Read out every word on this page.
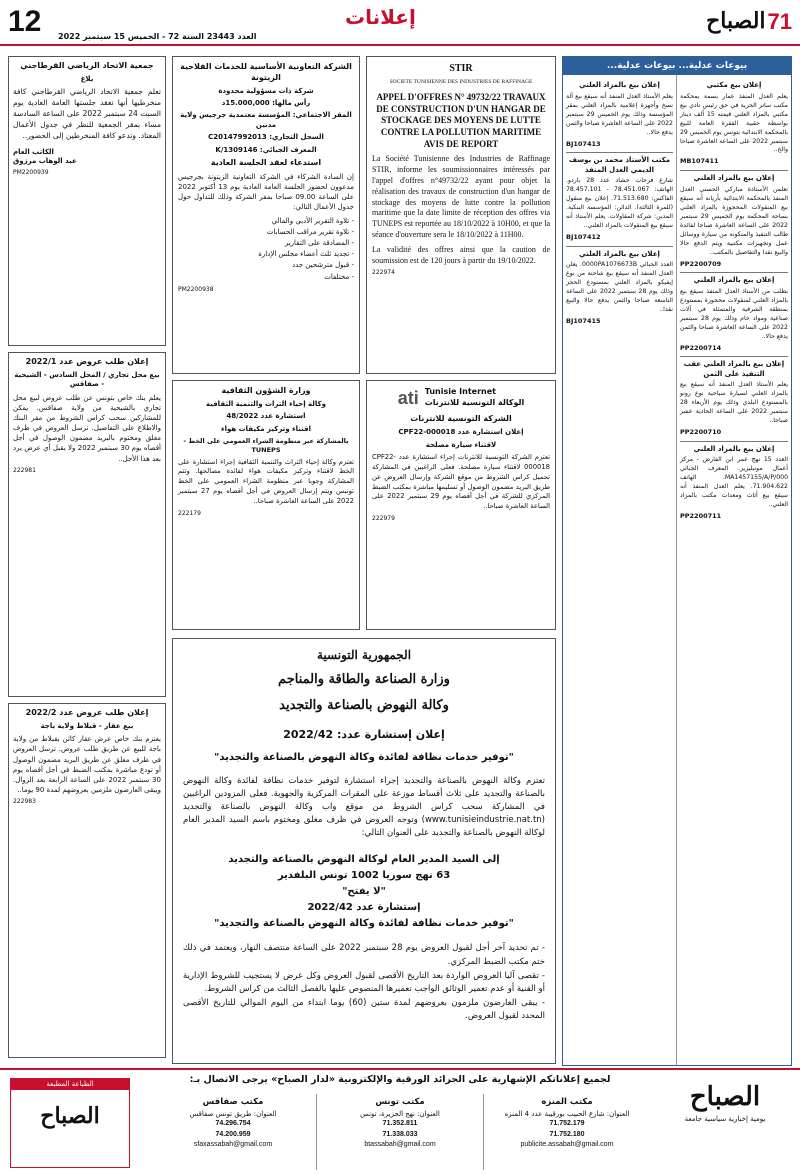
12 العدد 23443 السنة 72 - الخميس 15 سبتمبر 2022
إعلانات	الصباح 71
بيوعات عدلية... بيوعات عدلية...
إعلان بيع مكتبي
يعلم العدل المنفذ عمار بسمة بمحكمة مكتب ساتر الحرية في حق رئيس نادي بيع مكتبي بالمزاد العلني قيمته 15 ألف دينار بواسطة حقيبة الفقرة العامة للبيع بالمحكمة الابتدائية بتونس يوم الخميس 29 سبتمبر 2022 على الساعة العاشرة صباحا والخ..
MB107411
إعلان بيع بالمزاد العلني
تعلمن الأستاذة مباركي الحسني العدل المنفذ بالمحكمة الابتدائية بأريانة أنه سيقع بيع المنقولات المحجوزة بالمزاد العلني بساحة المحكمة يوم الخميس 29 سبتمبر 2022 على الساعة العاشرة صباحا لفائدة طالب التنفيذ والمتكونة من سيارة ووسائل عمل وتجهيزات مكتبية ويتم الدفع حالا والبيع نقدا والتفاصيل بالمكتب..
PP2200709
إعلان بيع بالمزاد العلني
بطلب من الأستاذ العدل المنفذ سيقع بيع بالمزاد العلني لمنقولات محجوزة بمستودع بمنطقة الشرقية والمتمثلة في آلات صناعية ومواد خام وذلك يوم 28 سبتمبر 2022 على الساعة العاشرة صباحا والثمن يدفع حالا..
PP2200714
إعلان بيع بالمزاد العلني عقب التنفيذ على الثمن
يعلم الأستاذ العدل المنفذ أنه سيقع بيع بالمزاد العلني لسيارة سياحية نوع رونو بالمستودع البلدي وذلك يوم الأربعاء 28 سبتمبر 2022 على الساعة الحادية عشر صباحا..
PP2200710
إعلان بيع بالمزاد العلني
العدد 15 نهج عمر ابن الفارض - مركز أعمال مونبليزير. المعرف الجبائي MA1457155/A/P/000. الهاتف 71.904.622. يعلم العدل المنفذ أنه سيقع بيع أثاث ومعدات مكتب بالمزاد العلني..
PP2200711
إعلان بيع بالمزاد العلني
يعلم الأستاذ العدل المنفذ أنه سيقع بيع آلة نسخ وأجهزة إعلامية بالمزاد العلني بمقر المؤسسة وذلك يوم الخميس 29 سبتمبر 2022 على الساعة العاشرة صباحا والثمن يدفع حالا..
BJ107413
مكتب الأستاذ محمد بن يوسف الديمي العدل المنفذ
شارع فرحات حشاد عدد 28 باردو. الهاتف: 78.451.067 - 78.457.101 الفاكس: 71.513.680. إعلان بيع منقول (للمرة الثالثة). الدائن: المؤسسة البنكية. المدين: شركة المقاولات. يعلم الأستاذ أنه سيقع بيع المنقولات بالمزاد العلني..
BJ107412
إعلان بيع بالمزاد العلني
العدد الجبائي 0000PA1076673B. يعلن العدل المنفذ أنه سيقع بيع شاحنة من نوع إيفيكو بالمزاد العلني بمستودع الحجز وذلك يوم 28 سبتمبر 2022 على الساعة التاسعة صباحا والثمن يدفع حالا والبيع نقدا..
BJ107415
STIR
SOCIETE TUNISIENNE DES INDUSTRIES DE RAFFINAGE
APPEL D'OFFRES N° 49732/22 TRAVAUX DE CONSTRUCTION D'UN HANGAR DE STOCKAGE DES MOYENS DE LUTTE CONTRE LA POLLUTION MARITIME AVIS DE REPORT
La Société Tunisienne des Industries de Raffinage STIR, informe les soumissionnaires intéressés par l'appel d'offres n°49732/22 ayant pour objet la réalisation des travaux de construction d'un hangar de stockage des moyens de lutte contre la pollution maritime que la date limite de réception des offres via TUNEPS est reportée au 18/10/2022 à 10H00, et que la séance d'ouverture sera le 18/10/2022 à 11H00.
La validité des offres ainsi que la caution de soumission est de 120 jours à partir du 19/10/2022.
222974
الشركة التعاونية الأساسية للخدمات الفلاحية الزيتونة
شركة ذات مسؤولية محدودة
رأس مالها: 15.000,000د
المقر الاجتماعي: المؤسسة معتمدية جرجيس ولاية مدنين
السجل التجاري: C20147992013
المعرف الجبائي: 1309146/K
استدعاء لعقد الجلسة العادية
إن السادة الشركاء في الشركة التعاونية الزيتونة بجرجيس مدعوون لحضور الجلسة العامة العادية يوم 13 أكتوبر 2022 على الساعة 09.00 صباحا بمقر الشركة وذلك للتداول حول جدول الأعمال التالي:
- تلاوة التقرير الأدبي والمالي
- تلاوة تقرير مراقب الحسابات
- المصادقة على التقارير
- تجديد ثلث أعضاء مجلس الإدارة
- قبول مترشحين جدد
- مختلفات
PM2200938
ati Tunisie Internet
الوكالة التونسية للانترنات
الشركة التونسية للانترنات
إعلان استشارة عدد CPF22-000018
لاقتناء سيارة مصلحة
تعتزم الشركة التونسية للانترنات إجراء استشارة عدد CPF22-000018 لاقتناء سيارة مصلحة. فعلى الراغبين في المشاركة تحميل كراس الشروط من موقع الشركة وإرسال العروض عن طريق البريد مضمون الوصول أو تسليمها مباشرة بمكتب الضبط المركزي للشركة في أجل أقصاه يوم 29 سبتمبر 2022 على الساعة العاشرة صباحا..
222979
وزارة الشؤون الثقافية
وكالة إحياء التراث والتنمية الثقافية
استشارة عدد 48/2022
اقتناء وتركيز مكيفات هواء
بالمشاركة عبر منظومة الشراء العمومي على الخط - TUNEPS
تعتزم وكالة إحياء التراث والتنمية الثقافية إجراء استشارة على الخط لاقتناء وتركيز مكيفات هواء لفائدة مصالحها. وتتم المشاركة وجوبا عبر منظومة الشراء العمومي على الخط تونبس ويتم إرسال العروض في أجل أقصاه يوم 27 سبتمبر 2022 على الساعة العاشرة صباحا..
222179
الجمهورية التونسية
وزارة الصناعة والطاقة والمناجم
وكالة النهوض بالصناعة والتجديد
إعلان إستشارة عدد: 2022/42
"توفير خدمات نظافة لفائدة وكالة النهوض بالصناعة والتجديد"
تعتزم وكالة النهوض بالصناعة والتجديد إجراء استشارة لتوفير خدمات نظافة لفائدة وكالة النهوض بالصناعة والتجديد على ثلاث أقساط موزعة على المقرات المركزية والجهوية. فعلى المزودين الراغبين في المشاركة سحب كراس الشروط من موقع واب وكالة النهوض بالصناعة والتجديد (www.tunisieindustrie.nat.tn) وتوجه العروض في ظرف مغلق ومختوم باسم السيد المدير العام لوكالة النهوض بالصناعة والتجديد على العنوان التالي:
إلى السيد المدير العام لوكالة النهوض بالصناعة والتجديد
63 نهج سوريا 1002 تونس البلفدير
"لا يفتح"
إستشارة عدد 2022/42
"توفير خدمات نظافة لفائدة وكالة النهوض بالصناعة والتجديد"
- تم تحديد آخر أجل لقبول العروض يوم 28 سبتمبر 2022 على الساعة منتصف النهار، ويعتمد في ذلك ختم مكتب الضبط المركزي.
- تقصى آليا العروض الواردة بعد التاريخ الأقصى لقبول العروض وكل عرض لا يستجيب للشروط الإدارية أو الفنية أو عدم تعمير الوثائق الواجب تعميرها المنصوص عليها بالفصل الثالث من كراس الشروط.
- يبقى العارضون ملزمون بعروضهم لمدة ستين (60) يوما ابتداء من اليوم الموالي للتاريخ الأقصى المحدد لقبول العروض.
جمعية الاتحاد الرياضي القرطاجني
بلاغ
تعلم جمعية الاتحاد الرياضي القرطاجني كافة منخرطيها أنها تعقد جلستها العامة العادية يوم السبت 24 سبتمبر 2022 على الساعة السادسة مساء بمقر الجمعية للنظر في جدول الأعمال المعتاد. وتدعو كافة المنخرطين إلى الحضور..
الكاتب العام
عبد الوهاب مرزوق
PM2200939
إعلان طلب عروض عدد 2022/1
بيع محل تجاري / المحل السادس - الشيحية - صفاقس
يعلم بنك خاص بتونس عن طلب عروض لبيع محل تجاري بالشيحية من ولاية صفاقس. يمكن للمشاركين سحب كراس الشروط من مقر البنك والاطلاع على التفاصيل. ترسل العروض في ظرف مغلق ومختوم بالبريد مضمون الوصول في أجل أقصاه يوم 30 سبتمبر 2022 ولا يقبل أي عرض يرد بعد هذا الأجل..
222981
إعلان طلب عروض عدد 2022/2
بيع عقار - قبلاط ولاية باجة
يعتزم بنك خاص عرض عقار كائن بقبلاط من ولاية باجة للبيع عن طريق طلب عروض. ترسل العروض في ظرف مغلق عن طريق البريد مضمون الوصول أو تودع مباشرة بمكتب الضبط في أجل أقصاه يوم 30 سبتمبر 2022 على الساعة الرابعة بعد الزوال. ويبقى العارضون ملزمين بعروضهم لمدة 90 يوما..
222983
الطباعة المطبعة
الصباح
لجميع إعلاناتكم الإشهارية على الجرائد الورقية والإلكترونية «لدار الصباح» يرجى الاتصال بـ:
مكتب المنزه
العنوان: شارع الحبيب بورقيبة عدد 4 المنزه
71.752.179
71.752.180
publicite.assabah@gmail.com
مكتب تونس
العنوان: نهج الجزيرة، تونس
71.352.811
71.338.033
btassabah@gmail.com
مكتب صفاقس
العنوان: طريق تونس صفاقس
74.296.754
74.200.959
sfaxassabah@gmail.com
الصباح
يومية إخبارية سياسية جامعة
